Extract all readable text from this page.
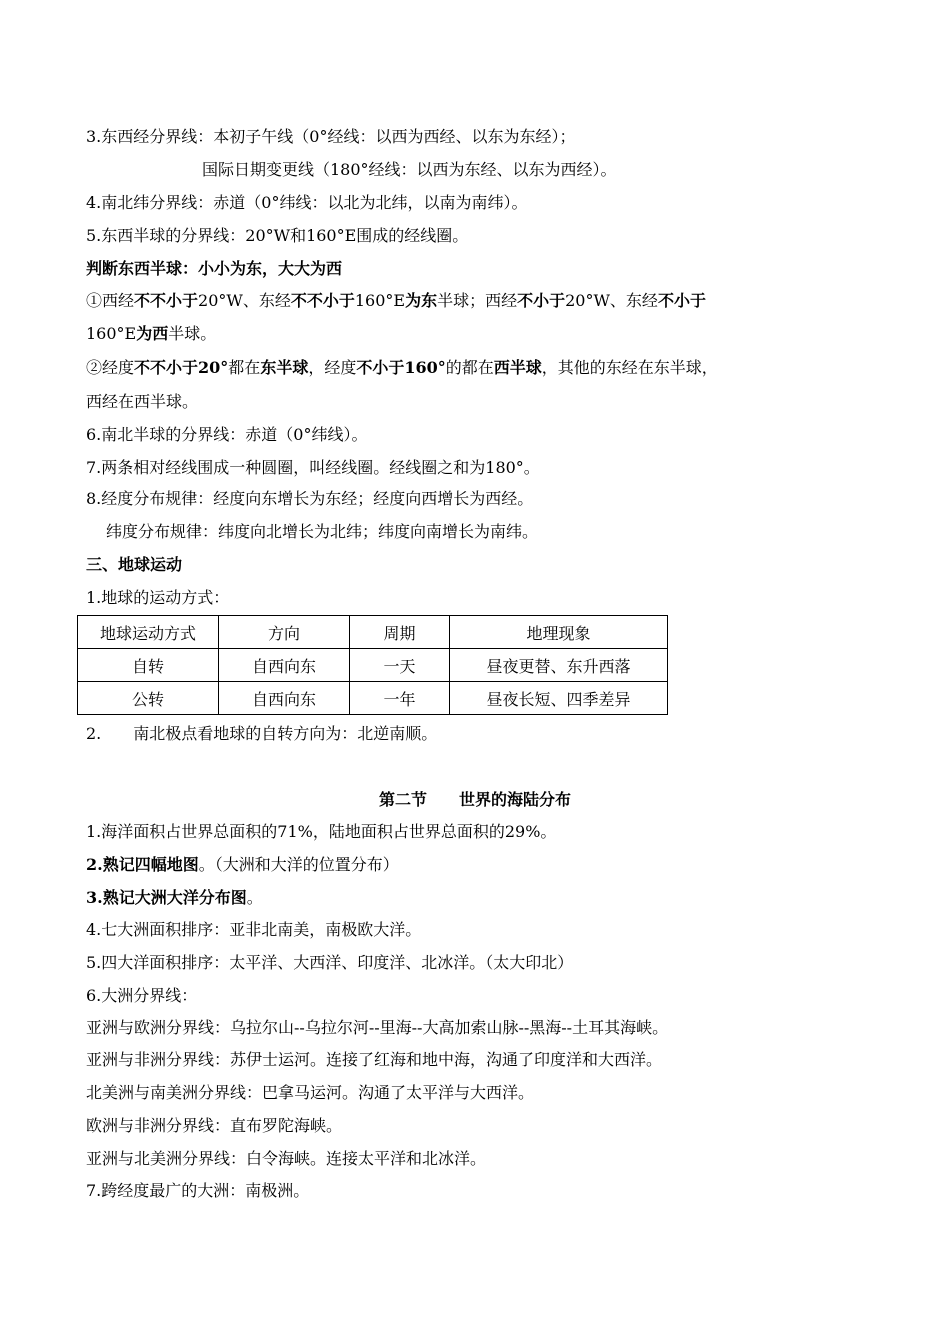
3.东西经分界线：本初子午线（0°经线：以西为西经、以东为东经）；
国际日期变更线（180°经线：以西为东经、以东为西经）。
4.南北纬分界线：赤道（0°纬线：以北为北纬，以南为南纬）。
5.东西半球的分界线：20°W和160°E围成的经线圈。
判断东西半球：小小为东，大大为西
①西经不不小于20°W、东经不不小于160°E为东半球；西经不小于20°W、东经不小于
160°E为西半球。
②经度不不小于20°都在东半球，经度不小于160°的都在西半球，其他的东经在东半球，
西经在西半球。
6.南北半球的分界线：赤道（0°纬线）。
7.两条相对经线围成一种圆圈，叫经线圈。经线圈之和为180°。
8.经度分布规律：经度向东增长为东经；经度向西增长为西经。
纬度分布规律：纬度向北增长为北纬；纬度向南增长为南纬。
三、地球运动
1.地球的运动方式：
地球运动方式	方向	周期	地理现象
自转	自西向东	一天	昼夜更替、东升西落
公转	自西向东	一年	昼夜长短、四季差异
2.　　南北极点看地球的自转方向为：北逆南顺。
第二节　　世界的海陆分布
1.海洋面积占世界总面积的71%，陆地面积占世界总面积的29%。
2.熟记四幅地图。（大洲和大洋的位置分布）
3.熟记大洲大洋分布图。
4.七大洲面积排序：亚非北南美，南极欧大洋。
5.四大洋面积排序：太平洋、大西洋、印度洋、北冰洋。（太大印北）
6.大洲分界线：
亚洲与欧洲分界线：乌拉尔山--乌拉尔河--里海--大高加索山脉--黑海--土耳其海峡。
亚洲与非洲分界线：苏伊士运河。连接了红海和地中海，沟通了印度洋和大西洋。
北美洲与南美洲分界线：巴拿马运河。沟通了太平洋与大西洋。
欧洲与非洲分界线：直布罗陀海峡。
亚洲与北美洲分界线：白令海峡。连接太平洋和北冰洋。
7.跨经度最广的大洲：南极洲。
